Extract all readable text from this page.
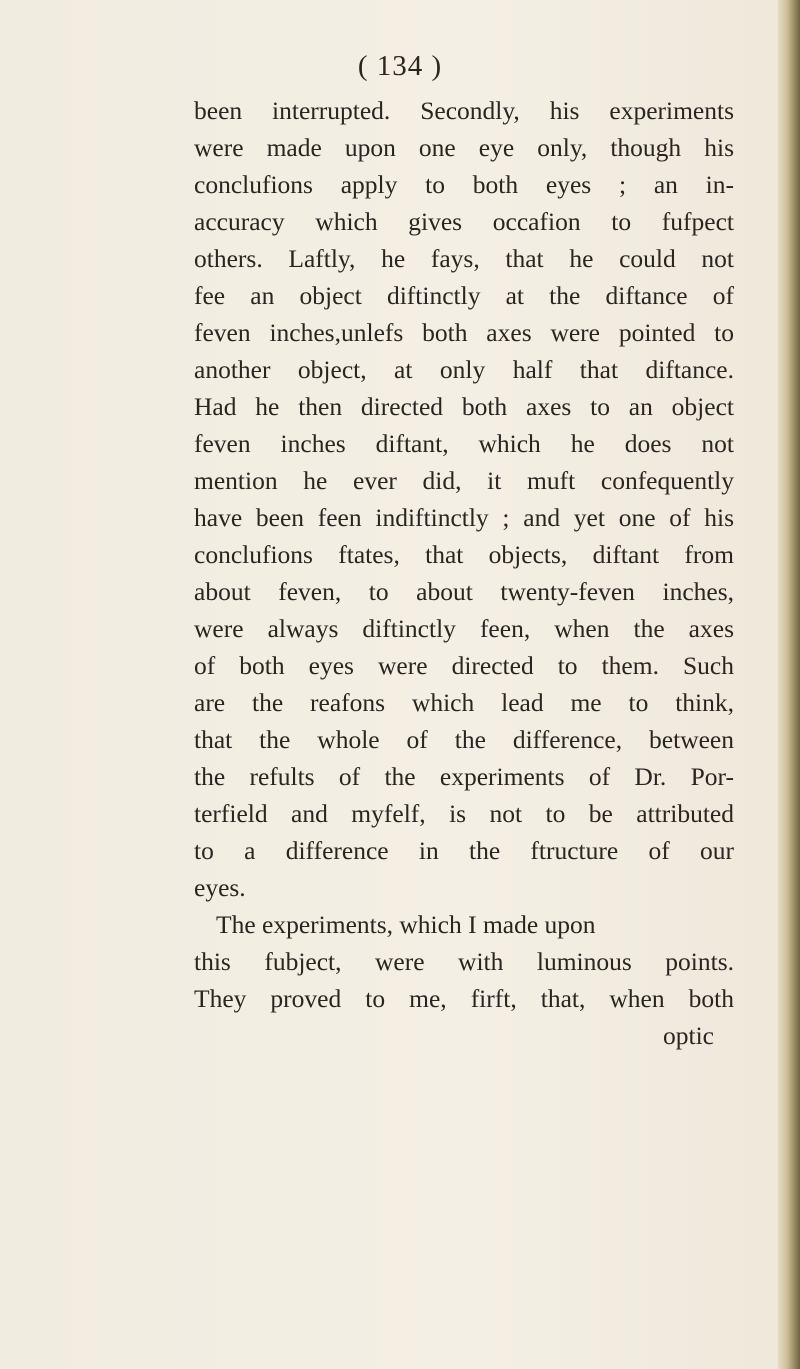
( 134 )
been interrupted. Secondly, his experiments
were made upon one eye only, though his
conclufions apply to both eyes ; an in-
accuracy which gives occafion to fufpect
others. Laftly, he fays, that he could not
fee an object diftinctly at the diftance of
feven inches,unlefs both axes were pointed to
another object, at only half that diftance.
Had he then directed both axes to an object
feven inches diftant, which he does not
mention he ever did, it muft confequently
have been feen indiftinctly ; and yet one of his
conclufions ftates, that objects, diftant from
about feven, to about twenty-feven inches,
were always diftinctly feen, when the axes
of both eyes were directed to them. Such
are the reafons which lead me to think,
that the whole of the difference, between
the refults of the experiments of Dr. Por-
terfield and myfelf, is not to be attributed
to a difference in the ftructure of our
eyes.
The experiments, which I made upon
this fubject, were with luminous points.
They proved to me, firft, that, when both
optic
